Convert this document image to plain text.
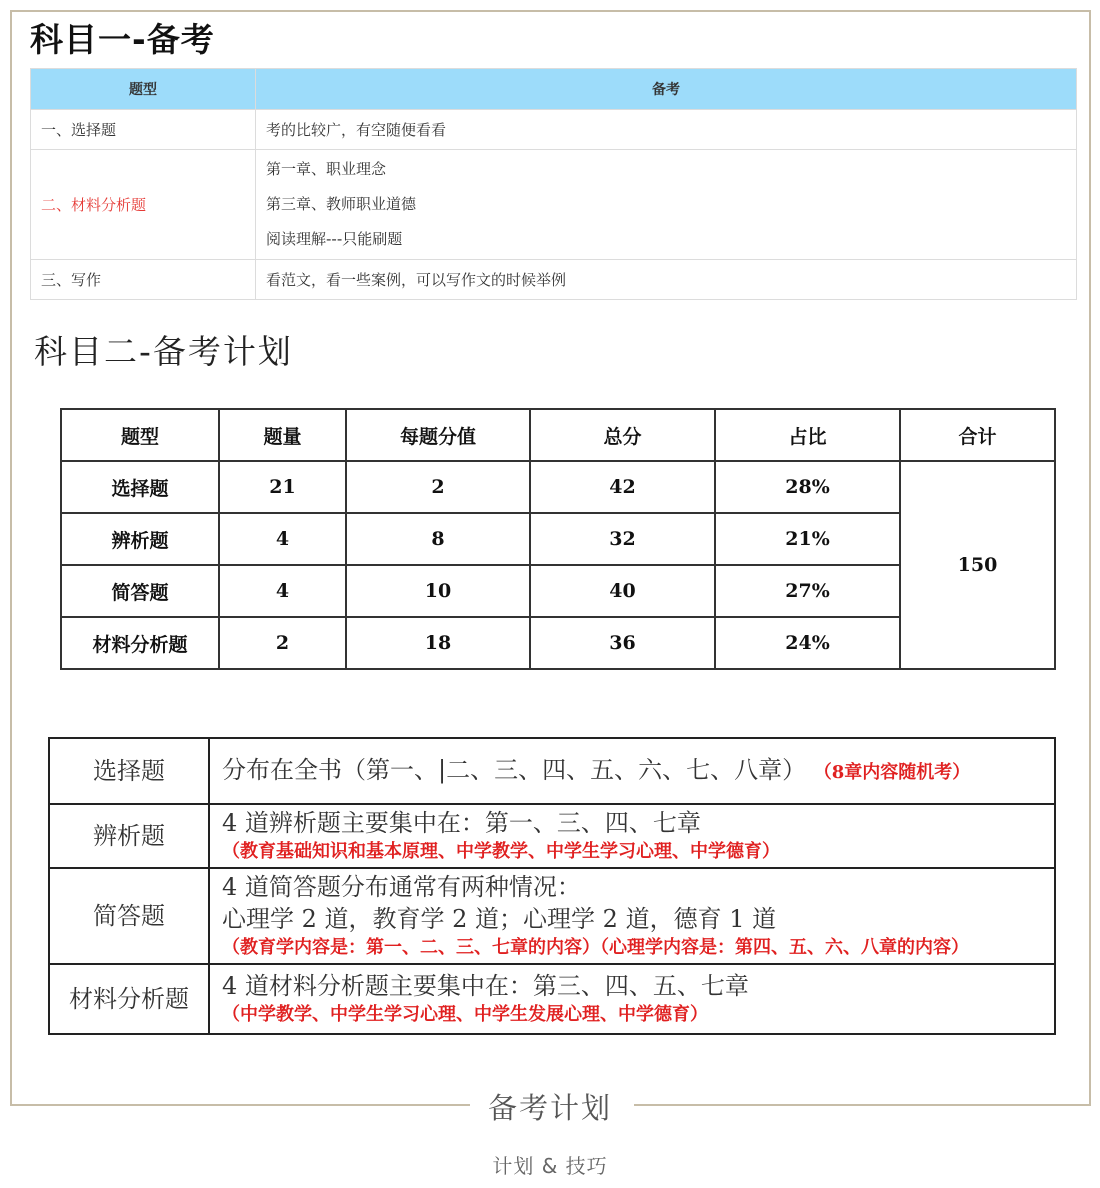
科目一-备考
题型	备考
一、选择题	考的比较广，有空随便看看
二、材料分析题	第一章、职业理念
第三章、教师职业道德
阅读理解---只能刷题

三、写作	看范文，看一些案例，可以写作文的时候举例
科目二-备考计划
题型	题量	每题分值	总分	占比	合计
选择题	21	2	42	28%	150
辨析题	4	8	32	21%	
简答题	4	10	40	27%	
材料分析题	2	18	36	24%	
选择题	分布在全书（第一、|二、三、四、五、六、七、八章） （8章内容随机考）
辨析题	4 道辨析题主要集中在：第一、三、四、七章
（教育基础知识和基本原理、中学教学、中学生学习心理、中学德育）

简答题	4 道简答题分布通常有两种情况：
心理学 2 道，教育学 2 道；心理学 2 道，德育 1 道
（教育学内容是：第一、二、三、七章的内容）（心理学内容是：第四、五、六、八章的内容）

材料分析题	4 道材料分析题主要集中在：第三、四、五、七章
（中学教学、中学生学习心理、中学生发展心理、中学德育）
备考计划
计划 & 技巧
